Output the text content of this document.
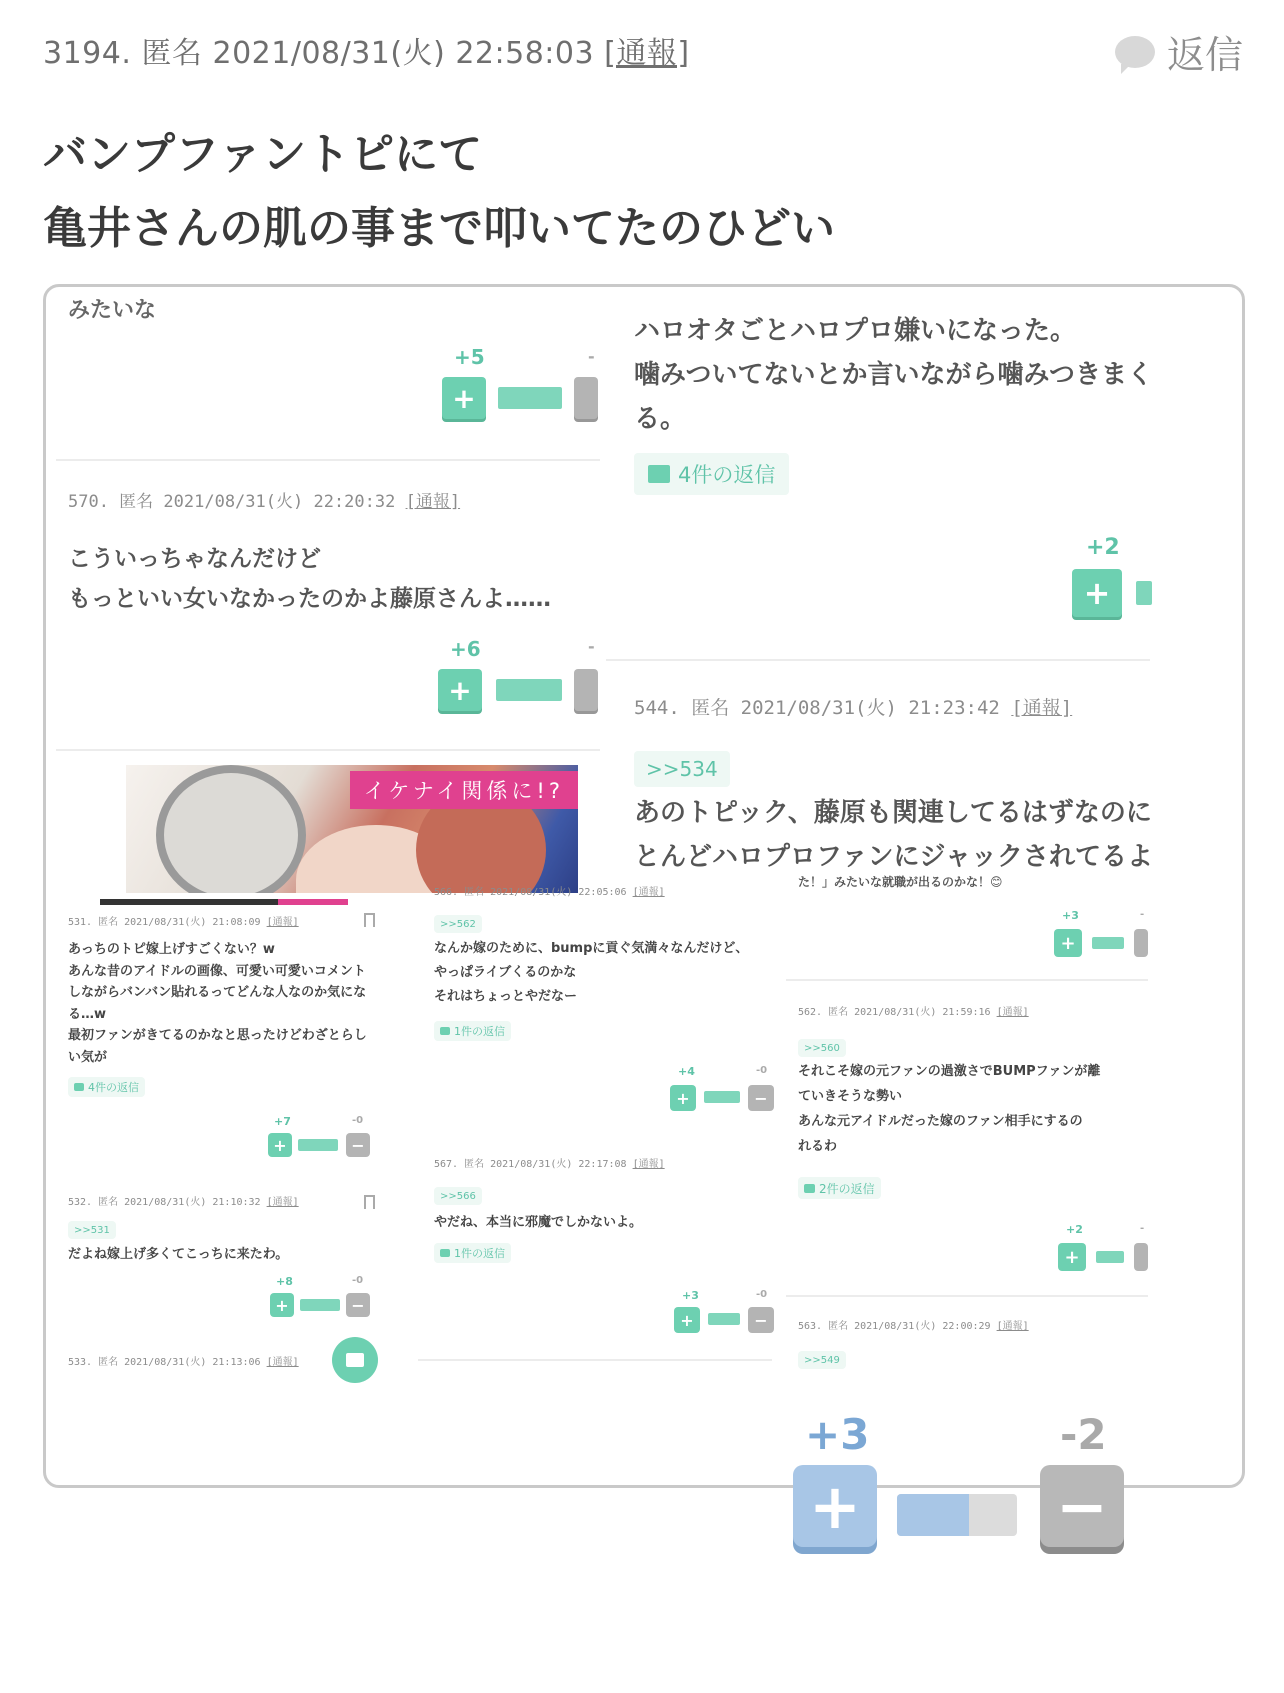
3194. 匿名 2021/08/31(火) 22:58:03 [通報]	返信
バンプファントピにて
亀井さんの肌の事まで叩いてたのひどい
みたいな
+5	-
+
570. 匿名 2021/08/31(火) 22:20:32 [通報]
こういっちゃなんだけど
もっといい女いなかったのかよ藤原さんよ……
+6	-
+
イケナイ関係に!?
ハロオタごとハロプロ嫌いになった。
噛みついてないとか言いながら噛みつきまく
る。
4件の返信
+2
+
544. 匿名 2021/08/31(火) 21:23:42 [通報]
>>534
あのトピック、藤原も関連してるはずなのに
とんどハロプロファンにジャックされてるよ
531. 匿名 2021/08/31(火) 21:08:09 [通報]
あっちのトピ嫁上げすごくない？w
あんな昔のアイドルの画像、可愛い可愛いコメント
しながらバンバン貼れるってどんな人なのか気にな
る…w
最初ファンがきてるのかなと思ったけどわざとらし
い気が
4件の返信
+7	-0
+	−
532. 匿名 2021/08/31(火) 21:10:32 [通報]
>>531
だよね嫁上げ多くてこっちに来たわ。
+8	-0
+	−
533. 匿名 2021/08/31(火) 21:13:06 [通報]
566. 匿名 2021/08/31(火) 22:05:06 [通報]
>>562
なんか嫁のために、bumpに貢ぐ気満々なんだけど、
やっぱライブくるのかな
それはちょっとやだなー
1件の返信
+4	-0
+	−
567. 匿名 2021/08/31(火) 22:17:08 [通報]
>>566
やだね、本当に邪魔でしかないよ。
1件の返信
+3	-0
+	−
た！」みたいな就職が出るのかな！😊
+3	-
+
562. 匿名 2021/08/31(火) 21:59:16 [通報]
>>560
それこそ嫁の元ファンの過激さでBUMPファンが離
ていきそうな勢い
あんな元アイドルだった嫁のファン相手にするの
れるわ
2件の返信
+2	-
+
563. 匿名 2021/08/31(火) 22:00:29 [通報]
>>549
+3	-2
+	−
